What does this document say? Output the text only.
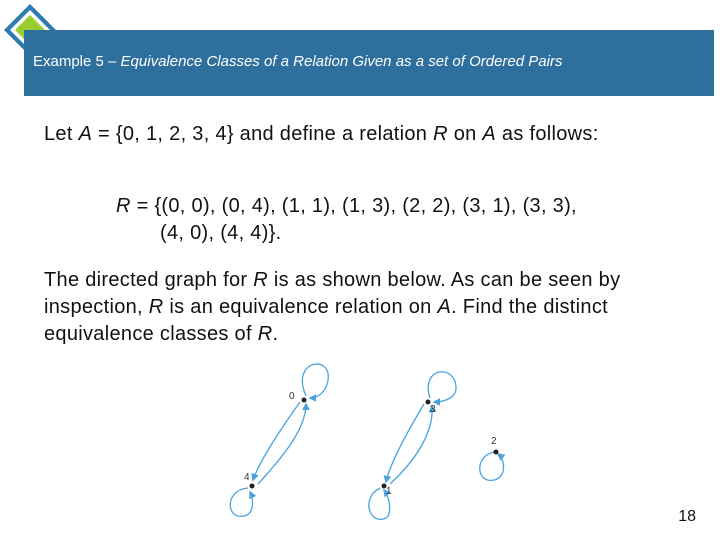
Example 5 – Equivalence Classes of a Relation Given as a set of Ordered Pairs
Let A = {0, 1, 2, 3, 4} and define a relation R on A as follows:
R = {(0, 0), (0, 4), (1, 1), (1, 3), (2, 2), (3, 1), (3, 3),
(4, 0), (4, 4)}.
The directed graph for R is as shown below. As can be seen by inspection, R is an equivalence relation on A. Find the distinct equivalence classes of R.
0
4
3
1
2
18
